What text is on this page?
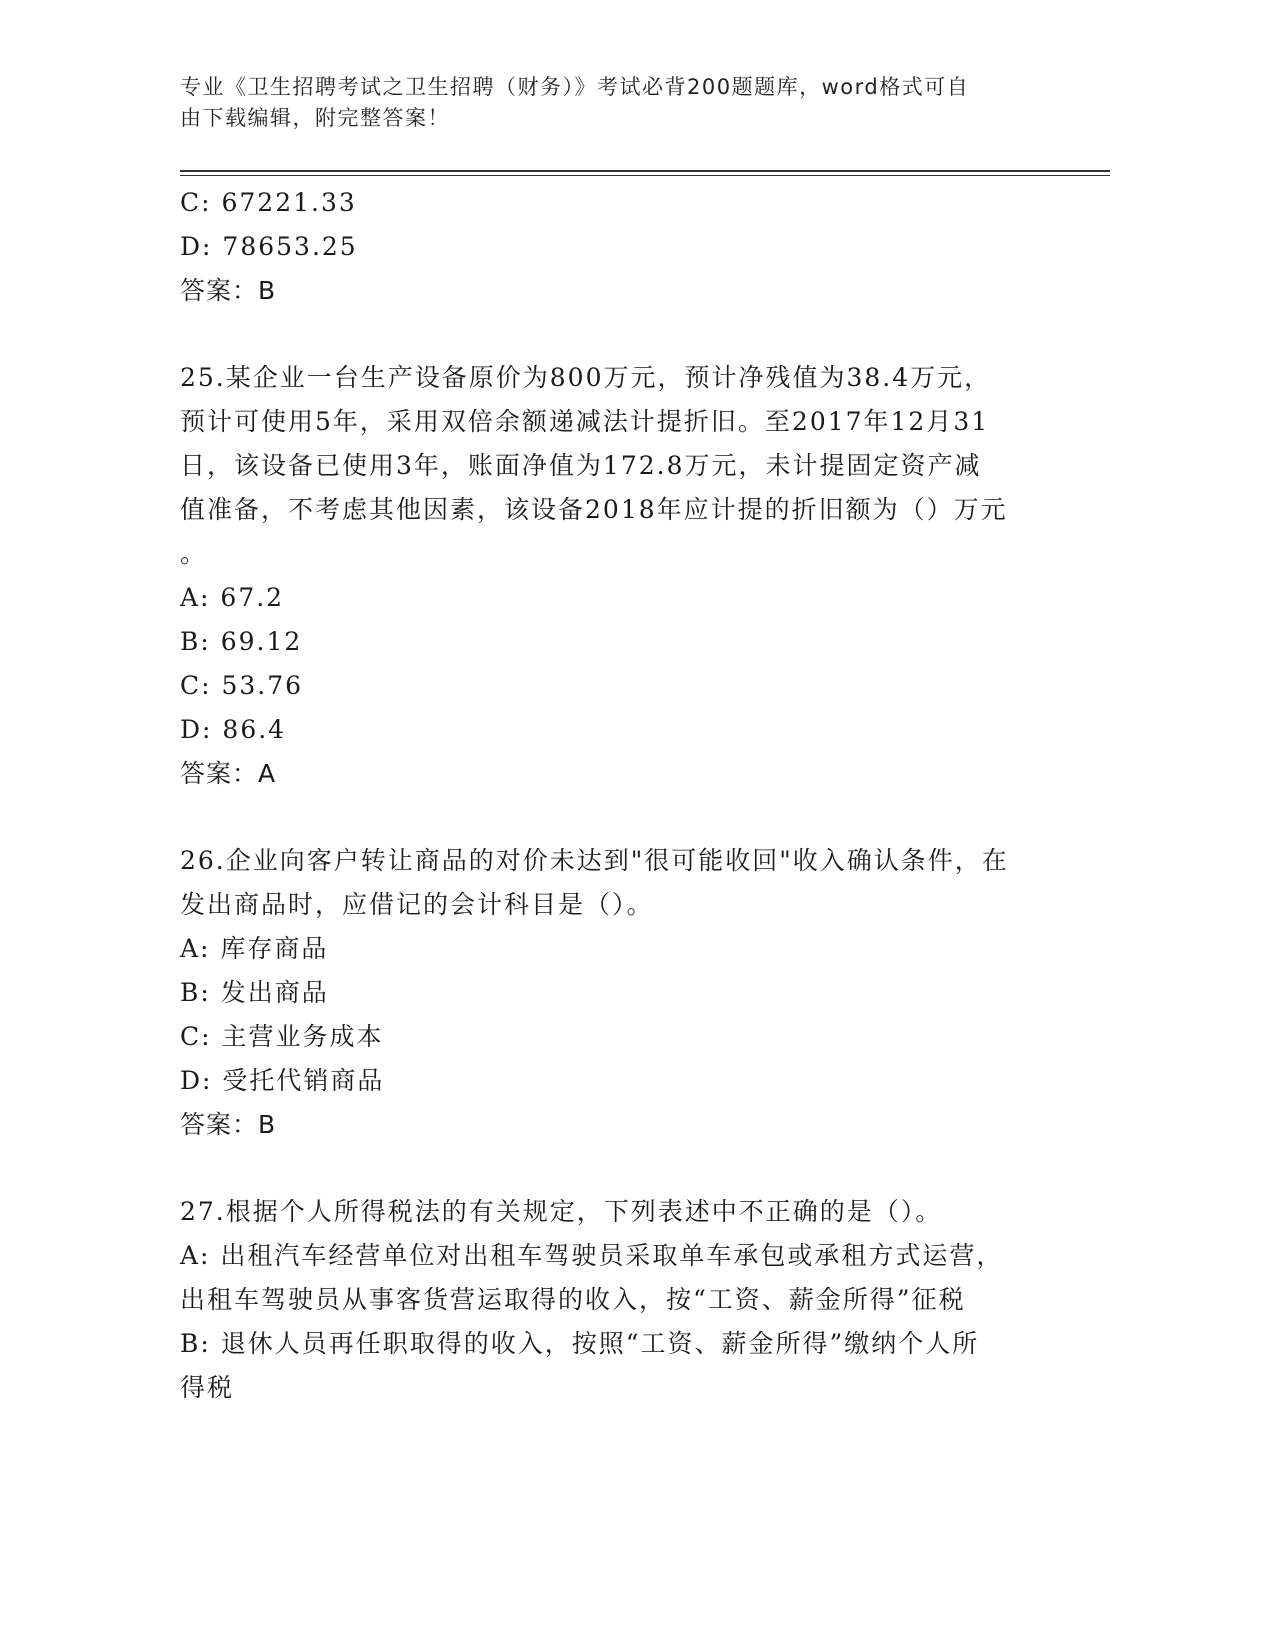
专业《卫生招聘考试之卫生招聘（财务）》考试必背200题题库，word格式可自
由下载编辑，附完整答案！
C: 67221.33
D: 78653.25
答案：B
25.某企业一台生产设备原价为800万元，预计净残值为38.4万元，
预计可使用5年，采用双倍余额递减法计提折旧。至2017年12月31
日，该设备已使用3年，账面净值为172.8万元，未计提固定资产减
值准备，不考虑其他因素，该设备2018年应计提的折旧额为（）万元
。
A: 67.2
B: 69.12
C: 53.76
D: 86.4
答案：A
26.企业向客户转让商品的对价未达到"很可能收回"收入确认条件，在
发出商品时，应借记的会计科目是（）。
A: 库存商品
B: 发出商品
C: 主营业务成本
D: 受托代销商品
答案：B
27.根据个人所得税法的有关规定，下列表述中不正确的是（）。
A: 出租汽车经营单位对出租车驾驶员采取单车承包或承租方式运营，
出租车驾驶员从事客货营运取得的收入，按“工资、薪金所得”征税
B: 退休人员再任职取得的收入，按照“工资、薪金所得”缴纳个人所
得税
